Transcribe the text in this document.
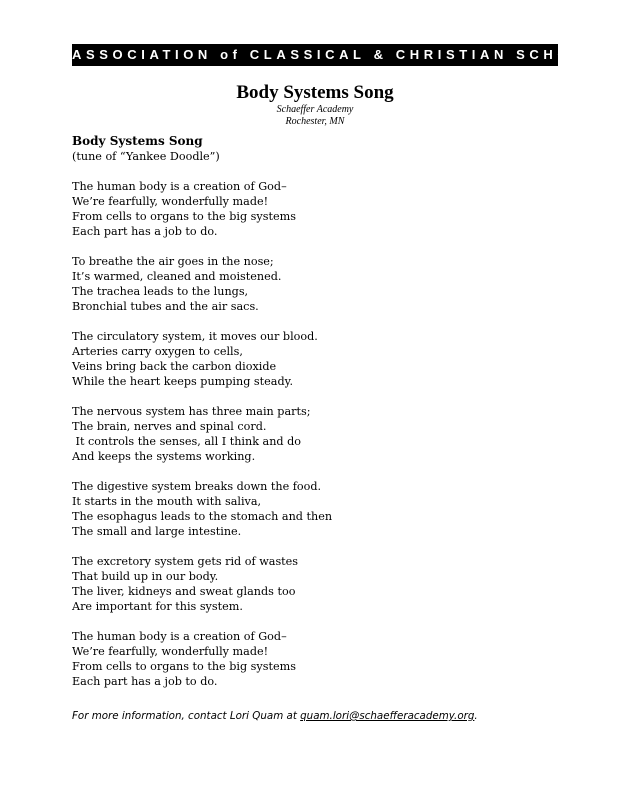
ASSOCIATION of CLASSICAL & CHRISTIAN SCHOOLS
Body Systems Song
Schaeffer Academy
Rochester, MN
Body Systems Song
(tune of “Yankee Doodle”)
The human body is a creation of God–
We’re fearfully, wonderfully made!
From cells to organs to the big systems
Each part has a job to do.
To breathe the air goes in the nose;
It’s warmed, cleaned and moistened.
The trachea leads to the lungs,
Bronchial tubes and the air sacs.
The circulatory system, it moves our blood.
Arteries carry oxygen to cells,
Veins bring back the carbon dioxide
While the heart keeps pumping steady.
The nervous system has three main parts;
The brain, nerves and spinal cord.
It controls the senses, all I think and do
And keeps the systems working.
The digestive system breaks down the food.
It starts in the mouth with saliva,
The esophagus leads to the stomach and then
The small and large intestine.
The excretory system gets rid of wastes
That build up in our body.
The liver, kidneys and sweat glands too
Are important for this system.
The human body is a creation of God–
We’re fearfully, wonderfully made!
From cells to organs to the big systems
Each part has a job to do.
For more information, contact Lori Quam at quam.lori@schaefferacademy.org.
